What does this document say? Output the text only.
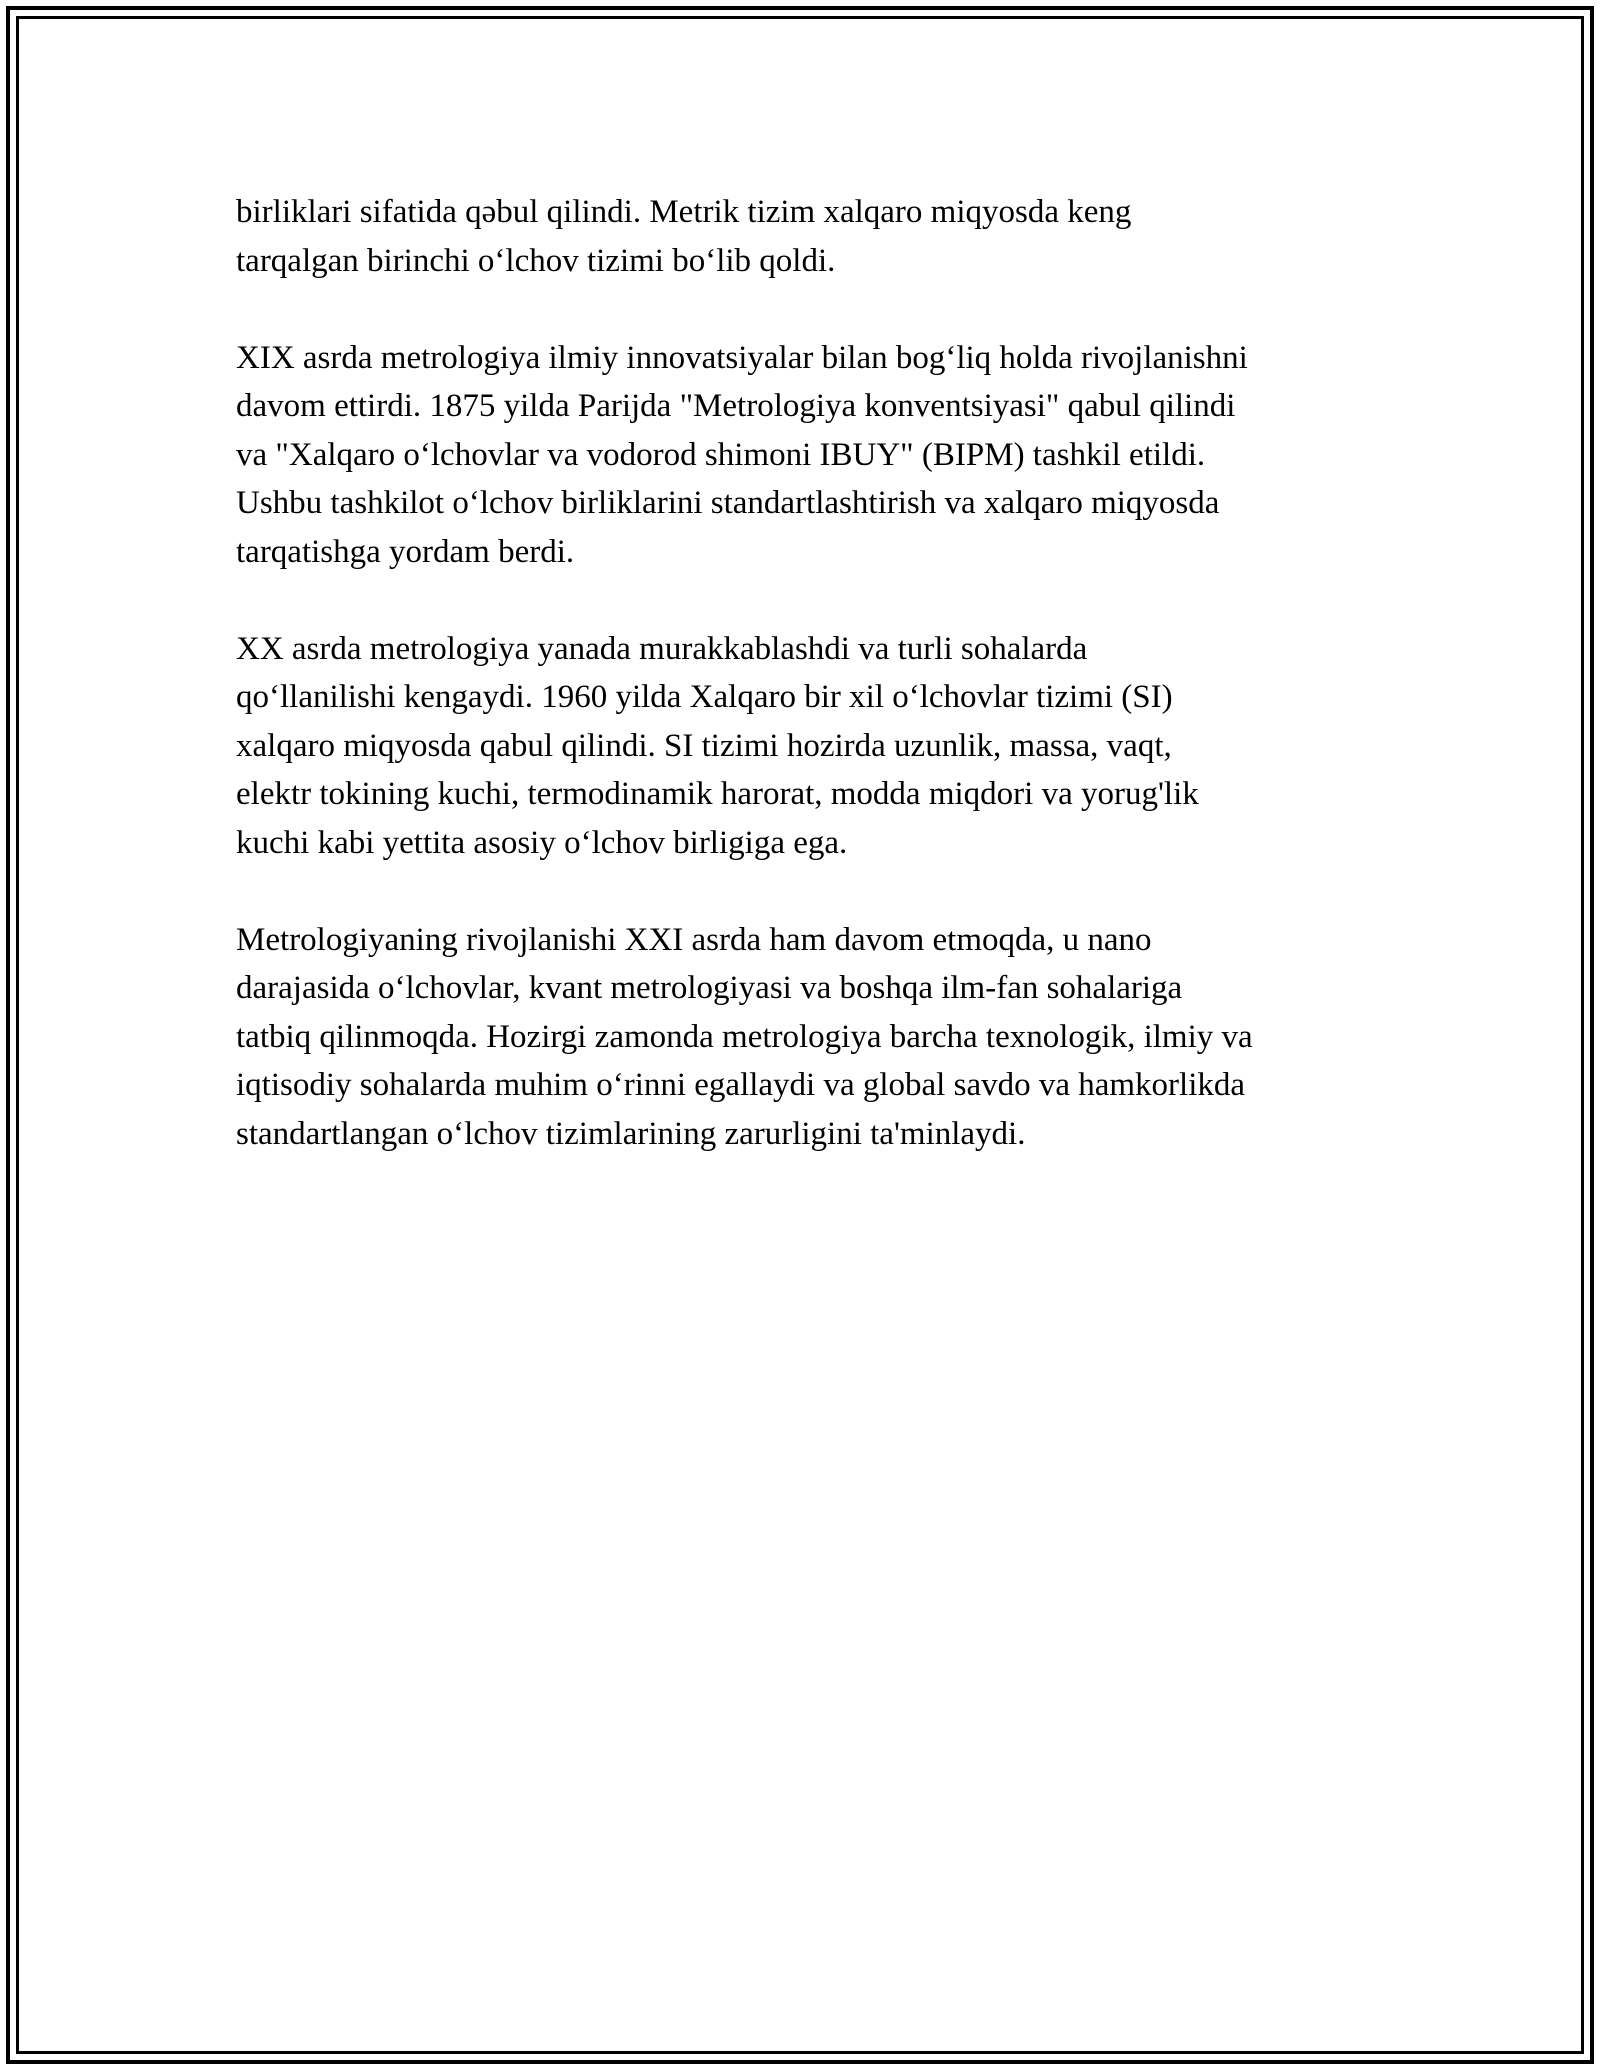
birliklari sifatida qəbul qilindi. Metrik tizim xalqaro miqyosda keng
tarqalgan birinchi o‘lchov tizimi bo‘lib qoldi.

XIX asrda metrologiya ilmiy innovatsiyalar bilan bog‘liq holda rivojlanishni
davom ettirdi. 1875 yilda Parijda "Metrologiya konventsiyasi" qabul qilindi
va "Xalqaro o‘lchovlar va vodorod shimoni IBUY" (BIPM) tashkil etildi.
Ushbu tashkilot o‘lchov birliklarini standartlashtirish va xalqaro miqyosda
tarqatishga yordam berdi.

XX asrda metrologiya yanada murakkablashdi va turli sohalarda
qo‘llanilishi kengaydi. 1960 yilda Xalqaro bir xil o‘lchovlar tizimi (SI)
xalqaro miqyosda qabul qilindi. SI tizimi hozirda uzunlik, massa, vaqt,
elektr tokining kuchi, termodinamik harorat, modda miqdori va yorug'lik
kuchi kabi yettita asosiy o‘lchov birligiga ega.

Metrologiyaning rivojlanishi XXI asrda ham davom etmoqda, u nano
darajasida o‘lchovlar, kvant metrologiyasi va boshqa ilm-fan sohalariga
tatbiq qilinmoqda. Hozirgi zamonda metrologiya barcha texnologik, ilmiy va
iqtisodiy sohalarda muhim o‘rinni egallaydi va global savdo va hamkorlikda
standartlangan o‘lchov tizimlarining zarurligini ta'minlaydi.
